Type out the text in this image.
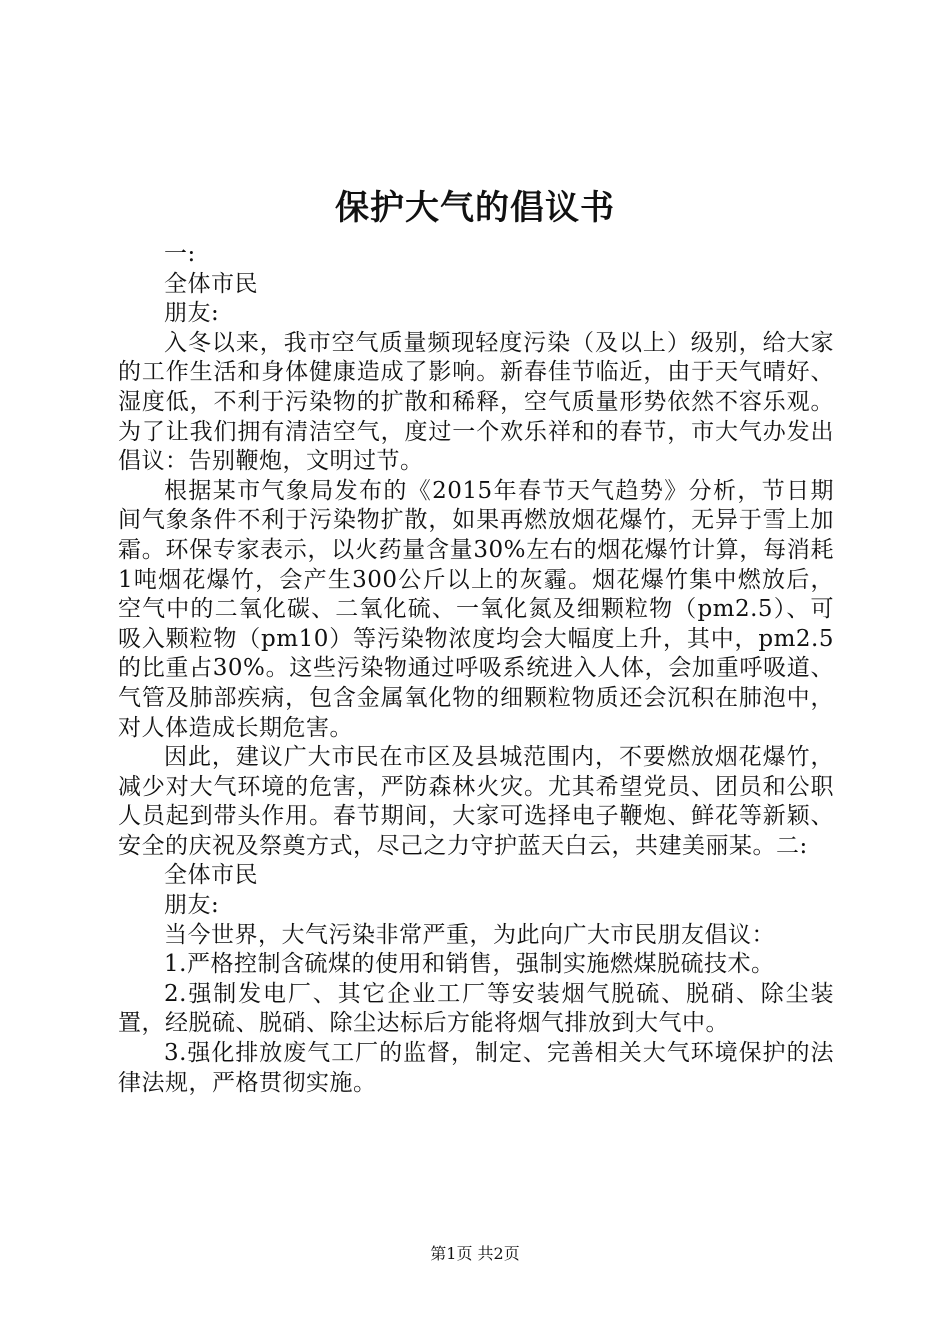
保护大气的倡议书

一:

全体市民

朋友:

入冬以来，我市空气质量频现轻度污染（及以上）级别，给大家的工作生活和身体健康造成了影响。新春佳节临近，由于天气晴好、湿度低，不利于污染物的扩散和稀释，空气质量形势依然不容乐观。为了让我们拥有清洁空气，度过一个欢乐祥和的春节，市大气办发出倡议：告别鞭炮，文明过节。

根据某市气象局发布的《2015年春节天气趋势》分析，节日期间气象条件不利于污染物扩散，如果再燃放烟花爆竹，无异于雪上加霜。环保专家表示，以火药量含量30%左右的烟花爆竹计算，每消耗1吨烟花爆竹，会产生300公斤以上的灰霾。烟花爆竹集中燃放后，空气中的二氧化碳、二氧化硫、一氧化氮及细颗粒物（pm2.5）、可吸入颗粒物（pm10）等污染物浓度均会大幅度上升，其中，pm2.5的比重占30%。这些污染物通过呼吸系统进入人体，会加重呼吸道、气管及肺部疾病，包含金属氧化物的细颗粒物质还会沉积在肺泡中，对人体造成长期危害。

因此，建议广大市民在市区及县城范围内，不要燃放烟花爆竹，减少对大气环境的危害，严防森林火灾。尤其希望党员、团员和公职人员起到带头作用。春节期间，大家可选择电子鞭炮、鲜花等新颖、安全的庆祝及祭奠方式，尽己之力守护蓝天白云，共建美丽某。二:

全体市民

朋友:

当今世界，大气污染非常严重，为此向广大市民朋友倡议：

1.严格控制含硫煤的使用和销售，强制实施燃煤脱硫技术。

2.强制发电厂、其它企业工厂等安装烟气脱硫、脱硝、除尘装置，经脱硫、脱硝、除尘达标后方能将烟气排放到大气中。

3.强化排放废气工厂的监督，制定、完善相关大气环境保护的法律法规，严格贯彻实施。

第1页 共2页
